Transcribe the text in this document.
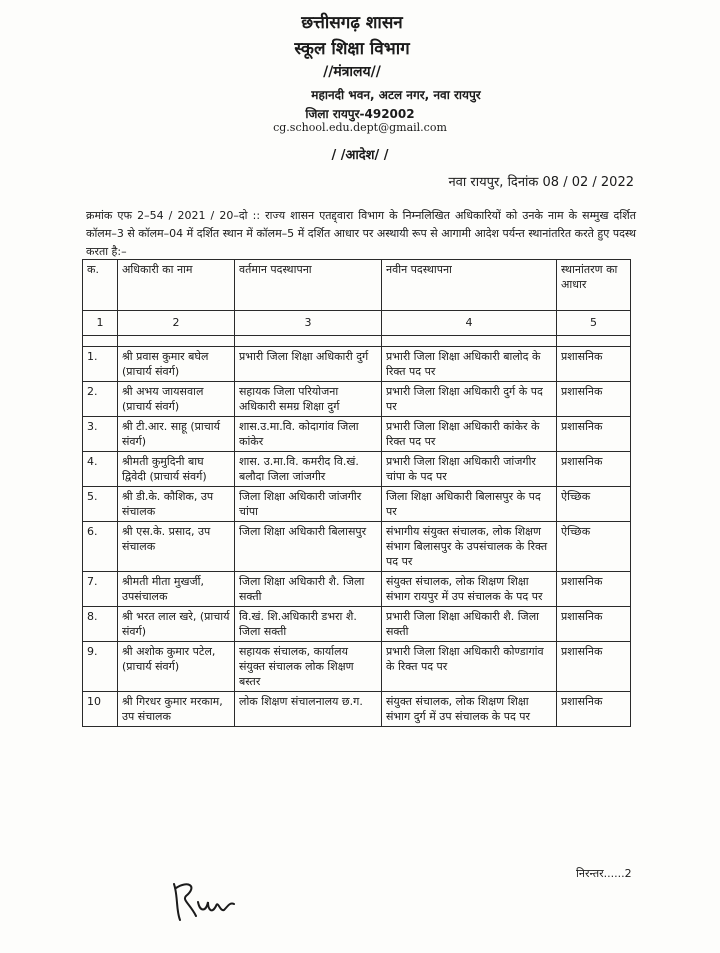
छत्तीसगढ़ शासन
स्कूल शिक्षा विभाग
//मंत्रालय//
महानदी भवन, अटल नगर, नवा रायपुर
जिला रायपुर-492002
cg.school.edu.dept@gmail.com
/ /आदेश/ /
नवा रायपुर, दिनांक 08 / 02 / 2022
क्रमांक एफ 2–54 / 2021 / 20–दो :: राज्य शासन एतद्द्वारा विभाग के निम्नलिखित अधिकारियों को उनके नाम के सम्मुख दर्शित कॉलम–3 से कॉलम–04 में दर्शित स्थान में कॉलम–5 में दर्शित आधार पर अस्थायी रूप से आगामी आदेश पर्यन्त स्थानांतरित करते हुए पदस्थ करता है:–
क.	अधिकारी का नाम	वर्तमान पदस्थापना	नवीन पदस्थापना	स्थानांतरण का आधार
1	2	3	4	5

1.	श्री प्रवास कुमार बघेल (प्राचार्य संवर्ग)	प्रभारी जिला शिक्षा अधिकारी दुर्ग	प्रभारी जिला शिक्षा अधिकारी बालोद के रिक्त पद पर	प्रशासनिक
2.	श्री अभय जायसवाल (प्राचार्य संवर्ग)	सहायक जिला परियोजना अधिकारी समग्र शिक्षा दुर्ग	प्रभारी जिला शिक्षा अधिकारी दुर्ग के पद पर	प्रशासनिक
3.	श्री टी.आर. साहू (प्राचार्य संवर्ग)	शास.उ.मा.वि. कोदागांव जिला कांकेर	प्रभारी जिला शिक्षा अधिकारी कांकेर के रिक्त पद पर	प्रशासनिक
4.	श्रीमती कुमुदिनी बाघ द्विवेदी (प्राचार्य संवर्ग)	शास. उ.मा.वि. कमरीद वि.खं. बलौदा जिला जांजगीर	प्रभारी जिला शिक्षा अधिकारी जांजगीर चांपा के पद पर	प्रशासनिक
5.	श्री डी.के. कौशिक, उप संचालक	जिला शिक्षा अधिकारी जांजगीर चांपा	जिला शिक्षा अधिकारी बिलासपुर के पद पर	ऐच्छिक
6.	श्री एस.के. प्रसाद, उप संचालक	जिला शिक्षा अधिकारी बिलासपुर	संभागीय संयुक्त संचालक, लोक शिक्षण संभाग बिलासपुर के उपसंचालक के रिक्त पद पर	ऐच्छिक
7.	श्रीमती मीता मुखर्जी, उपसंचालक	जिला शिक्षा अधिकारी शै. जिला सक्ती	संयुक्त संचालक, लोक शिक्षण शिक्षा संभाग रायपुर में उप संचालक के पद पर	प्रशासनिक
8.	श्री भरत लाल खरे, (प्राचार्य संवर्ग)	वि.खं. शि.अधिकारी डभरा शै. जिला सक्ती	प्रभारी जिला शिक्षा अधिकारी शै. जिला सक्ती	प्रशासनिक
9.	श्री अशोक कुमार पटेल, (प्राचार्य संवर्ग)	सहायक संचालक, कार्यालय संयुक्त संचालक लोक शिक्षण बस्तर	प्रभारी जिला शिक्षा अधिकारी कोण्डागांव के रिक्त पद पर	प्रशासनिक
10	श्री गिरधर कुमार मरकाम, उप संचालक	लोक शिक्षण संचालनालय छ.ग.	संयुक्त संचालक, लोक शिक्षण शिक्षा संभाग दुर्ग में उप संचालक के पद पर	प्रशासनिक
निरन्तर......2
